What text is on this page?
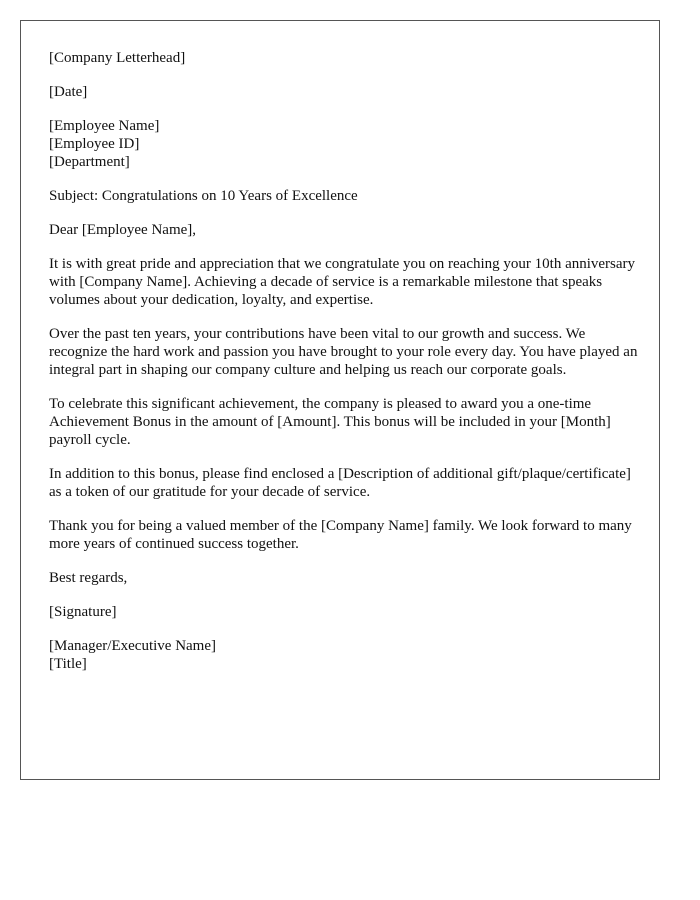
[Company Letterhead]

[Date]

[Employee Name]
[Employee ID]
[Department]

Subject: Congratulations on 10 Years of Excellence

Dear [Employee Name],

It is with great pride and appreciation that we congratulate you on reaching your 10th anniversary with [Company Name]. Achieving a decade of service is a remarkable milestone that speaks volumes about your dedication, loyalty, and expertise.

Over the past ten years, your contributions have been vital to our growth and success. We recognize the hard work and passion you have brought to your role every day. You have played an integral part in shaping our company culture and helping us reach our corporate goals.

To celebrate this significant achievement, the company is pleased to award you a one-time Achievement Bonus in the amount of [Amount]. This bonus will be included in your [Month] payroll cycle.

In addition to this bonus, please find enclosed a [Description of additional gift/plaque/certificate] as a token of our gratitude for your decade of service.

Thank you for being a valued member of the [Company Name] family. We look forward to many more years of continued success together.

Best regards,

[Signature]

[Manager/Executive Name]
[Title]
